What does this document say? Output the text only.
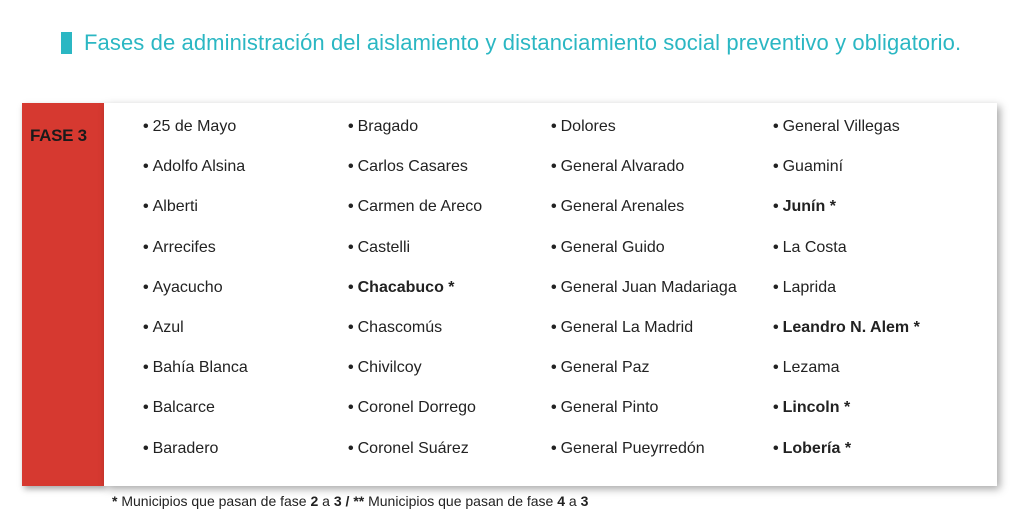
Fases de administración del aislamiento y distanciamiento social preventivo y obligatorio.
FASE 3
•	25 de Mayo
• Adolfo Alsina
• Alberti
• Arrecifes
• Ayacucho
• Azul
• Bahía Blanca
• Balcarce
• Baradero
• Bragado
• Carlos Casares
• Carmen de Areco
• Castelli
• Chacabuco *
• Chascomús
• Chivilcoy
• Coronel Dorrego
• Coronel Suárez
• Dolores
• General Alvarado
• General Arenales
• General Guido
• General Juan Madariaga
• General La Madrid
• General Paz
• General Pinto
• General Pueyrredón
• General Villegas
• Guaminí
• Junín *
• La Costa
• Laprida
• Leandro N. Alem *
• Lezama
• Lincoln *
• Lobería *
* Municipios que pasan de fase 2 a 3 / ** Municipios que pasan de fase 4 a 3
